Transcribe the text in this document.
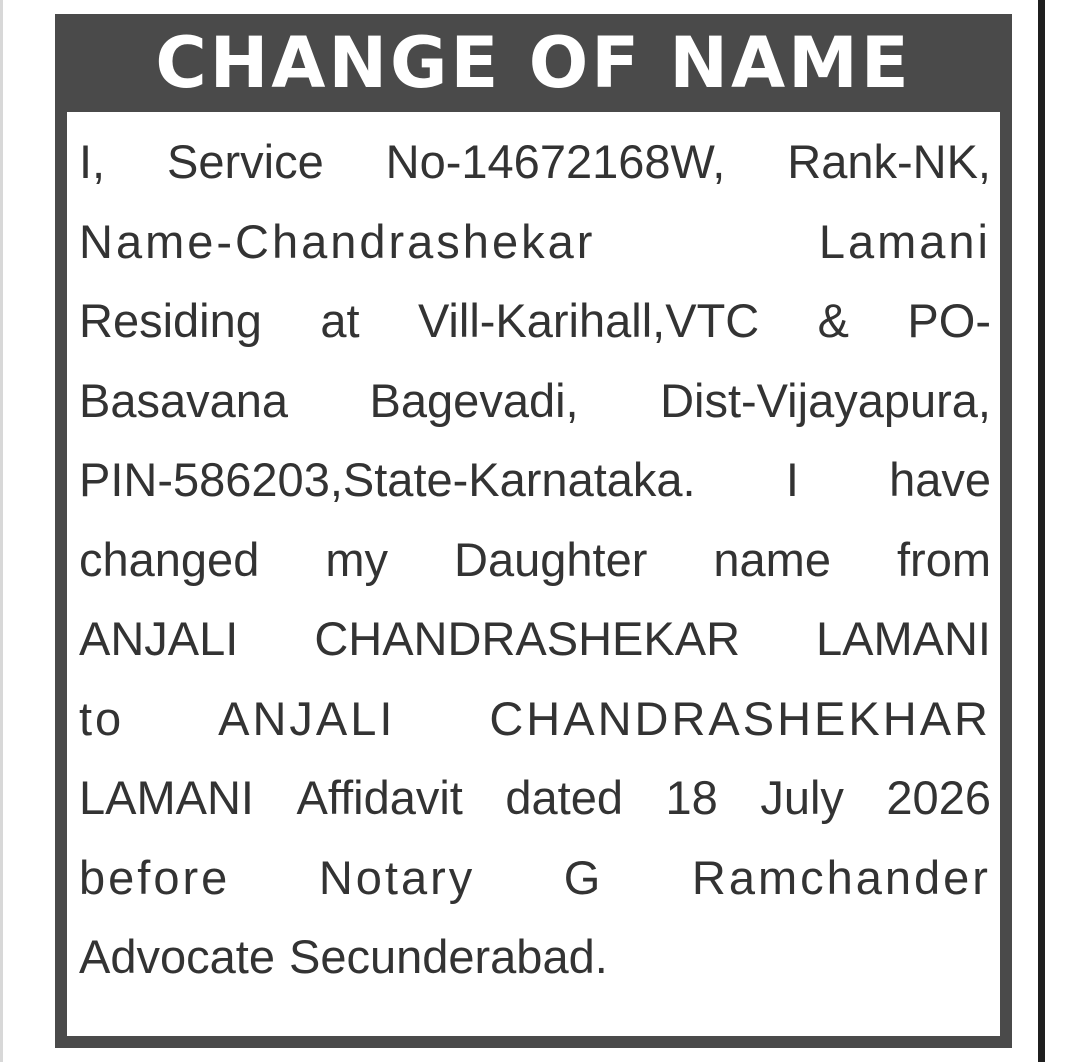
CHANGE OF NAME
I, Service No-14672168W, Rank-NK,
Name-Chandrashekar	Lamani
Residing at Vill-Karihall,VTC & PO-
Basavana Bagevadi, Dist-Vijayapura,
PIN-586203,State-Karnataka. I have
changed my Daughter name from
ANJALI CHANDRASHEKAR LAMANI
to ANJALI CHANDRASHEKHAR
LAMANI Affidavit dated 18 July 2026
before Notary G Ramchander
Advocate Secunderabad.
